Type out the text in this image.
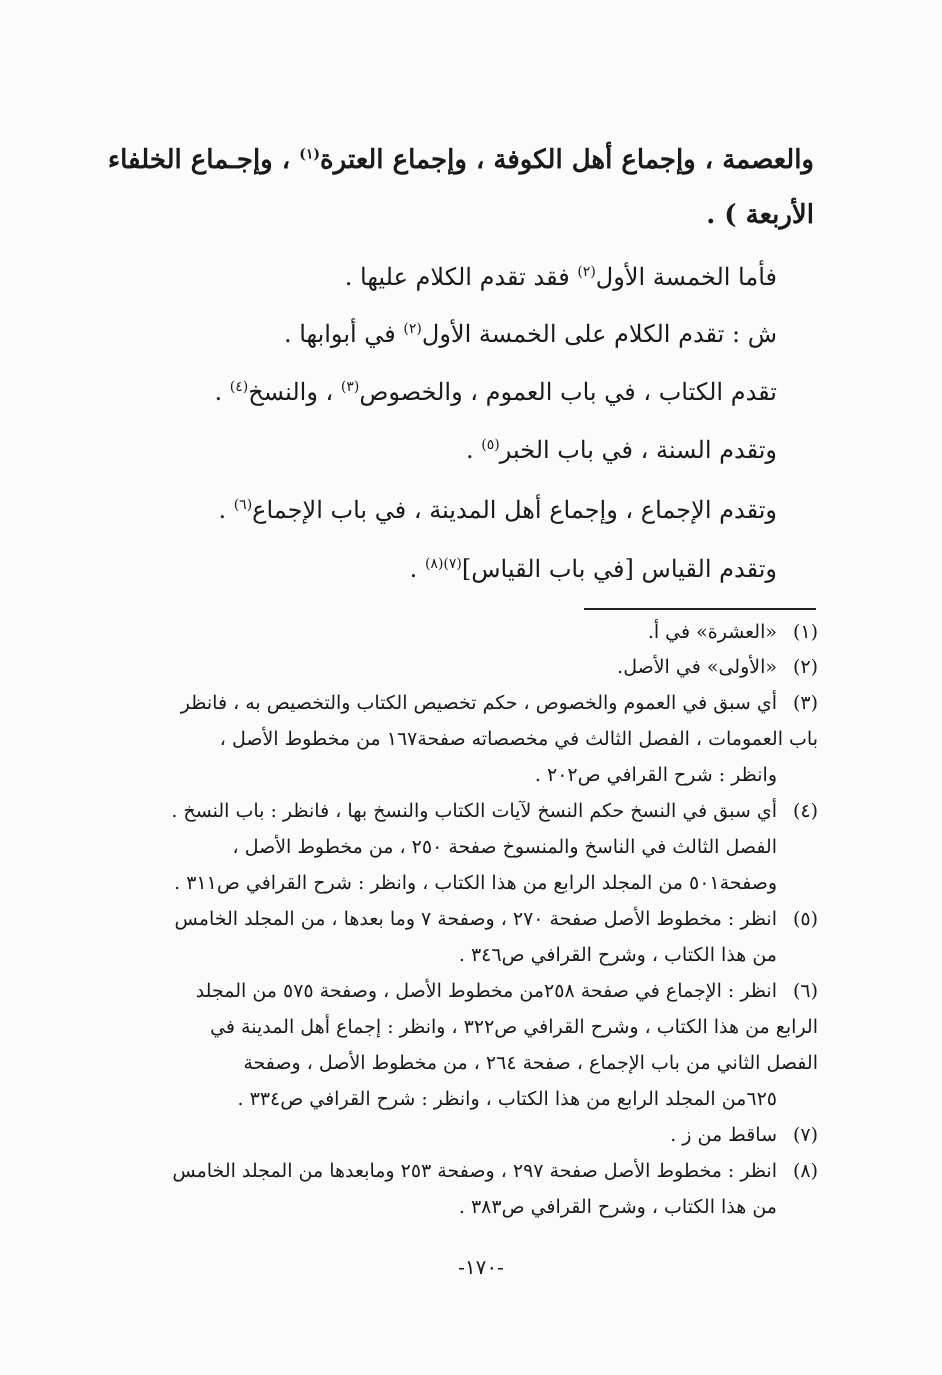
والعصمة ، وإجماع أهل الكوفة ، وإجماع العترة$^{(١)}$ ، وإجـماع الخلفاء
الأربعة ) .
فأما الخمسة الأول$^{(٢)}$ فقد تقدم الكلام عليها .
ش : تقدم الكلام على الخمسة الأول$^{(٢)}$ في أبوابها .
تقدم الكتاب ، في باب العموم ، والخصوص$^{(٣)}$ ، والنسخ$^{(٤)}$ .
وتقدم السنة ، في باب الخبر$^{(٥)}$ .
وتقدم الإجماع ، وإجماع أهل المدينة ، في باب الإجماع$^{(٦)}$ .
وتقدم القياس [في باب القياس]$^{(٧)(٨)}$ .
(١)
«العشرة» في أ.
(٢)
«الأولى» في الأصل.
(٣)
أي سبق في العموم والخصوص ، حكم تخصيص الكتاب والتخصيص به ، فانظر
باب العمومات ، الفصل الثالث في مخصصاته صفحة١٦٧ من مخطوط الأصل ،
وانظر : شرح القرافي ص٢٠٢ .
(٤)
أي سبق في النسخ حكم النسخ لآيات الكتاب والنسخ بها ، فانظر : باب النسخ .
الفصل الثالث في الناسخ والمنسوخ صفحة ٢٥٠ ، من مخطوط الأصل ،
وصفحة٥٠١ من المجلد الرابع من هذا الكتاب ، وانظر : شرح القرافي ص٣١١ .
(٥)
انظر : مخطوط الأصل صفحة ٢٧٠ ، وصفحة ٧ وما بعدها ، من المجلد الخامس
من هذا الكتاب ، وشرح القرافي ص٣٤٦ .
(٦)
انظر : الإجماع في صفحة ٢٥٨من مخطوط الأصل ، وصفحة ٥٧٥ من المجلد
الرابع من هذا الكتاب ، وشرح القرافي ص٣٢٢ ، وانظر : إجماع أهل المدينة في
الفصل الثاني من باب الإجماع ، صفحة ٢٦٤ ، من مخطوط الأصل ، وصفحة
٦٢٥من المجلد الرابع من هذا الكتاب ، وانظر : شرح القرافي ص٣٣٤ .
(٧)
ساقط من ز .
(٨)
انظر : مخطوط الأصل صفحة ٢٩٧ ، وصفحة ٢٥٣ ومابعدها من المجلد الخامس
من هذا الكتاب ، وشرح القرافي ص٣٨٣ .
-١٧٠-
